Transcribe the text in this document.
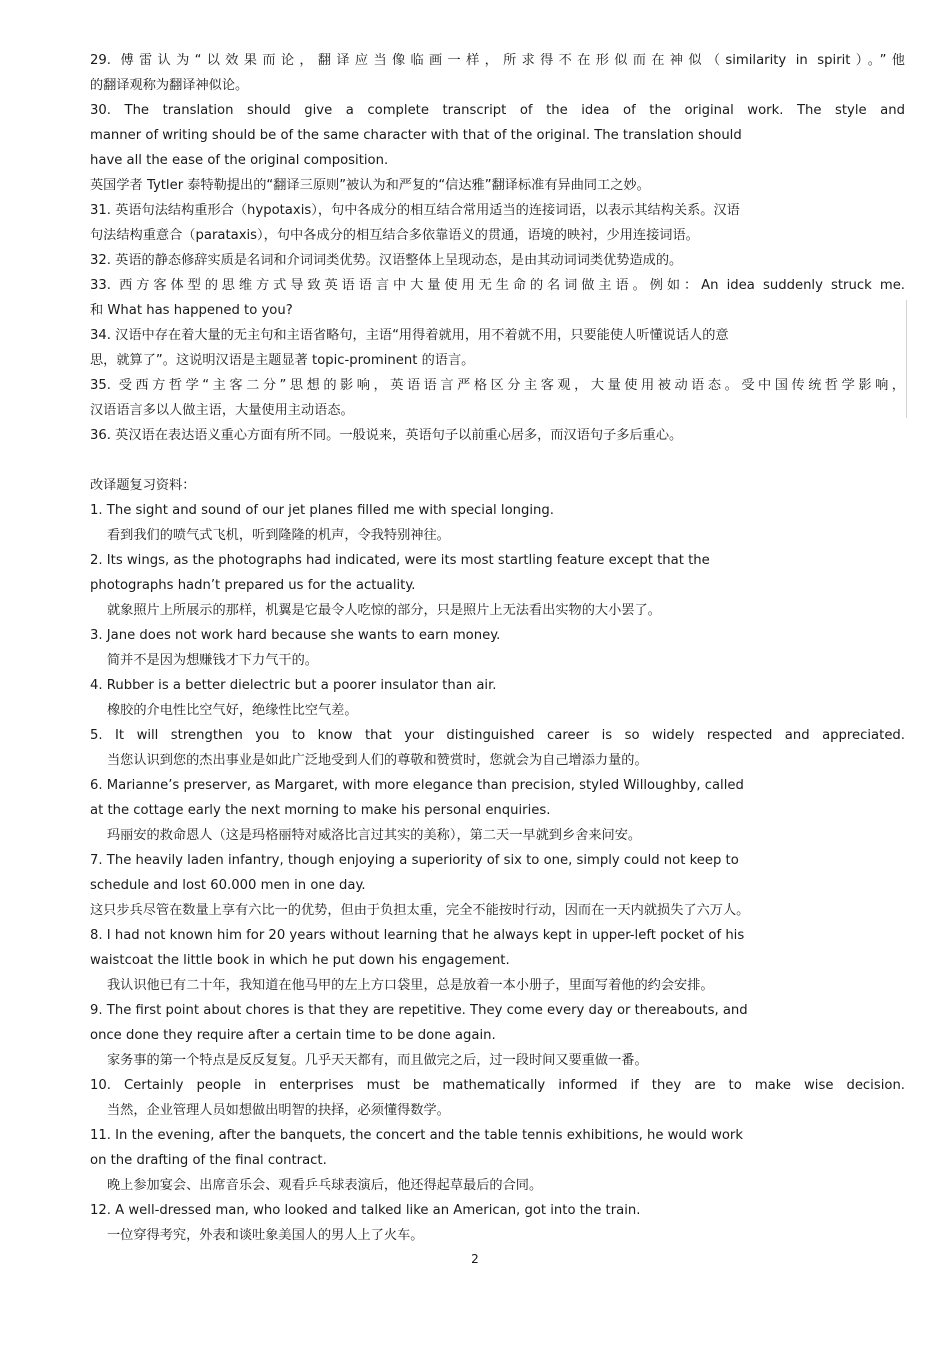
29. 傅雷认为“以效果而论，翻译应当像临画一样，所求得不在形似而在神似（similarity in spirit）。”他
的翻译观称为翻译神似论。
30. The translation should give a complete transcript of the idea of the original work. The style and
manner of writing should be of the same character with that of the original. The translation should
have all the ease of the original composition.
英国学者 Tytler 泰特勒提出的“翻译三原则”被认为和严复的“信达雅”翻译标准有异曲同工之妙。
31. 英语句法结构重形合（hypotaxis），句中各成分的相互结合常用适当的连接词语，以表示其结构关系。汉语
句法结构重意合（parataxis），句中各成分的相互结合多依靠语义的贯通，语境的映衬，少用连接词语。
32. 英语的静态修辞实质是名词和介词词类优势。汉语整体上呈现动态，是由其动词词类优势造成的。
33. 西方客体型的思维方式导致英语语言中大量使用无生命的名词做主语。例如：An idea suddenly struck me.
和 What has happened to you?
34. 汉语中存在着大量的无主句和主语省略句，主语“用得着就用，用不着就不用，只要能使人听懂说话人的意
思，就算了”。这说明汉语是主题显著 topic-prominent 的语言。
35. 受西方哲学“主客二分”思想的影响，英语语言严格区分主客观，大量使用被动语态。受中国传统哲学影响，
汉语语言多以人做主语，大量使用主动语态。
36. 英汉语在表达语义重心方面有所不同。一般说来，英语句子以前重心居多，而汉语句子多后重心。
改译题复习资料：
1. The sight and sound of our jet planes filled me with special longing.
看到我们的喷气式飞机，听到隆隆的机声，令我特别神往。
2. Its wings, as the photographs had indicated, were its most startling feature except that the
photographs hadn’t prepared us for the actuality.
就象照片上所展示的那样，机翼是它最令人吃惊的部分，只是照片上无法看出实物的大小罢了。
3. Jane does not work hard because she wants to earn money.
简并不是因为想赚钱才下力气干的。
4. Rubber is a better dielectric but a poorer insulator than air.
橡胶的介电性比空气好，绝缘性比空气差。
5. It will strengthen you to know that your distinguished career is so widely respected and appreciated.
当您认识到您的杰出事业是如此广泛地受到人们的尊敬和赞赏时，您就会为自己增添力量的。
6. Marianne’s preserver, as Margaret, with more elegance than precision, styled Willoughby, called
at the cottage early the next morning to make his personal enquiries.
玛丽安的救命恩人（这是玛格丽特对威洛比言过其实的美称），第二天一早就到乡舍来问安。
7. The heavily laden infantry, though enjoying a superiority of six to one, simply could not keep to
schedule and lost 60.000 men in one day.
这只步兵尽管在数量上享有六比一的优势，但由于负担太重，完全不能按时行动，因而在一天内就损失了六万人。
8. I had not known him for 20 years without learning that he always kept in upper-left pocket of his
waistcoat the little book in which he put down his engagement.
我认识他已有二十年，我知道在他马甲的左上方口袋里，总是放着一本小册子，里面写着他的约会安排。
9. The first point about chores is that they are repetitive. They come every day or thereabouts, and
once done they require after a certain time to be done again.
家务事的第一个特点是反反复复。几乎天天都有，而且做完之后，过一段时间又要重做一番。
10. Certainly people in enterprises must be mathematically informed if they are to make wise decision.
当然，企业管理人员如想做出明智的抉择，必须懂得数学。
11. In the evening, after the banquets, the concert and the table tennis exhibitions, he would work
on the drafting of the final contract.
晚上参加宴会、出席音乐会、观看乒乓球表演后，他还得起草最后的合同。
12. A well-dressed man, who looked and talked like an American, got into the train.
一位穿得考究，外表和谈吐象美国人的男人上了火车。
2
